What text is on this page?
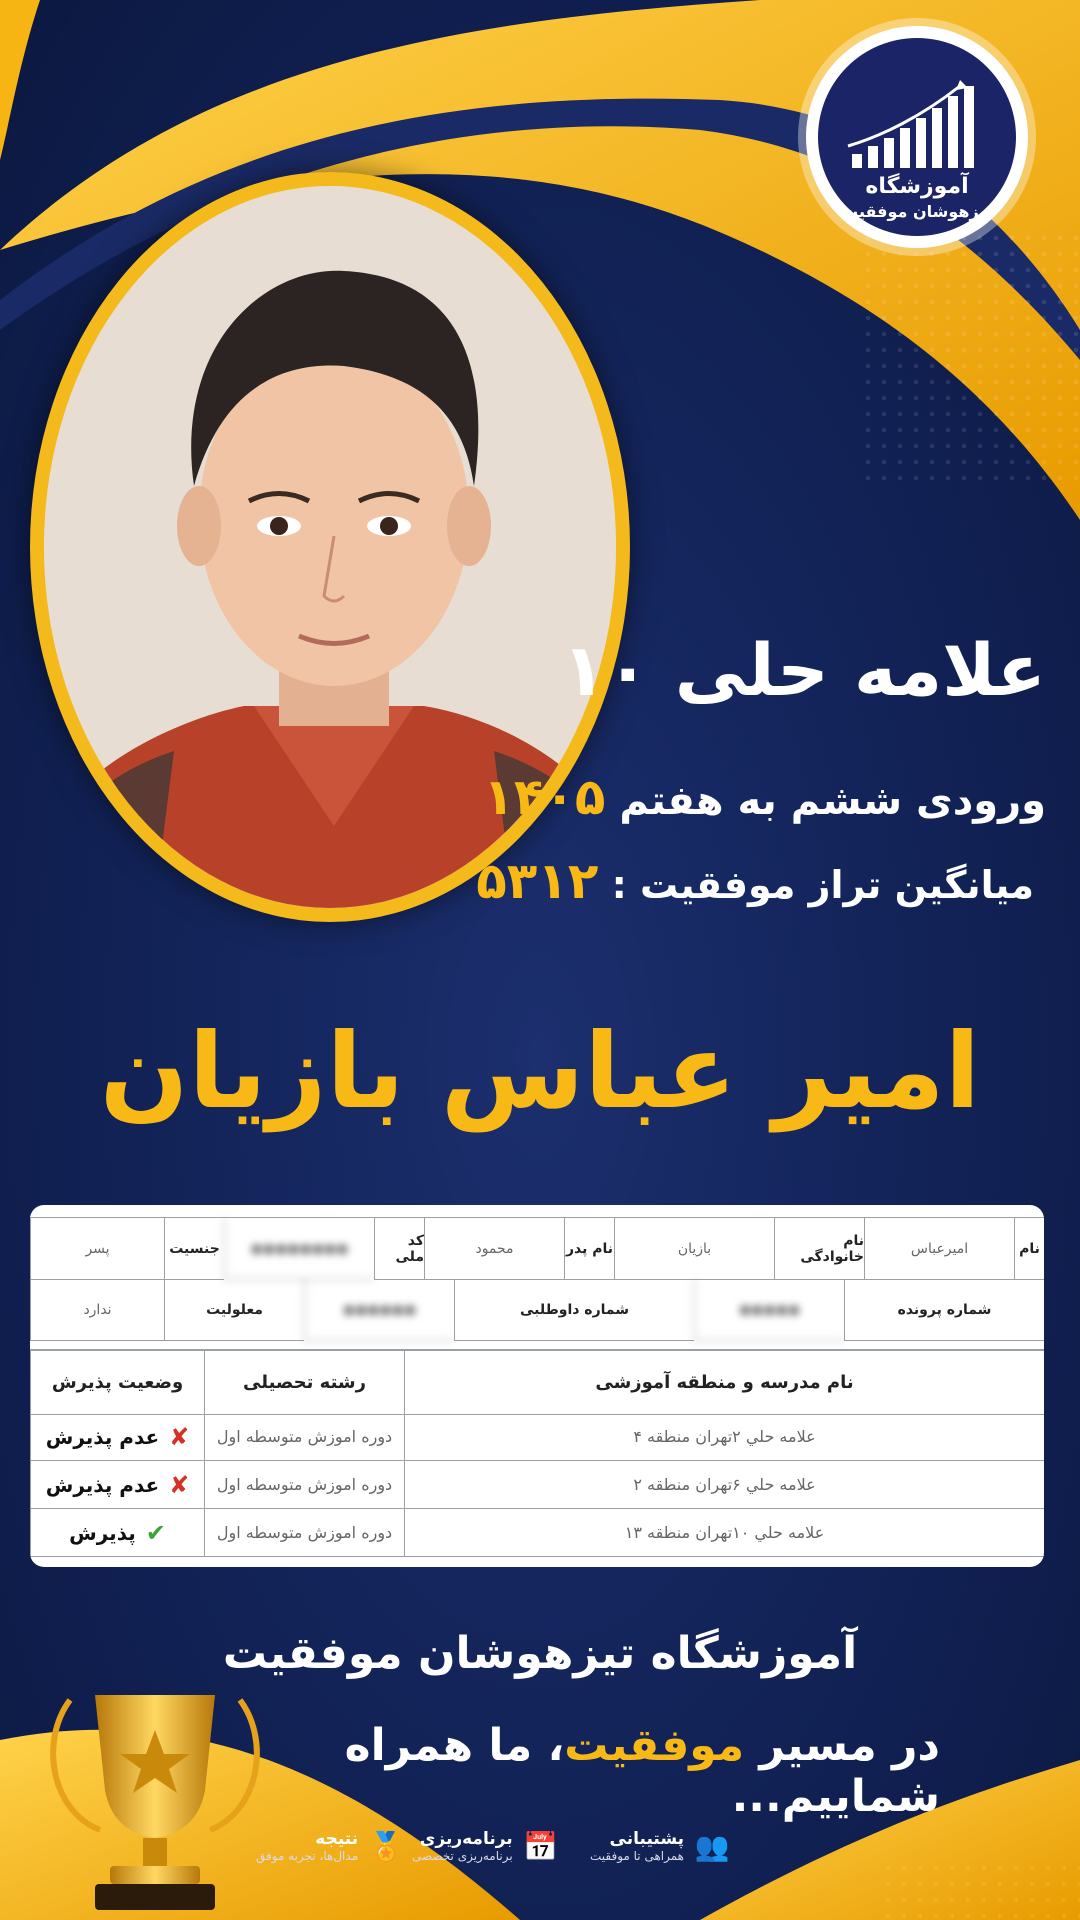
آموزشگاه
تیزهوشان موفقیت
علامه حلی ۱۰
ورودی ششم به هفتم ۱۴۰۵
میانگین تراز موفقیت : ۵۳۱۲
امیر عباس بازیان
نام
امیرعباس
نام خانوادگی
بازیان
نام پدر
محمود
کد ملی
●●●●●●●●
جنسیت
پسر
شماره پرونده
●●●●●
شماره داوطلبی
●●●●●●
معلولیت
ندارد
نام مدرسه و منطقه آموزشی
رشته تحصیلی
وضعیت پذیرش
علامه حلي ۲تهران منطقه ۴
دوره اموزش متوسطه اول
✘
عدم پذیرش
علامه حلي ۶تهران منطقه ۲
دوره اموزش متوسطه اول
✘
عدم پذیرش
علامه حلي ۱۰تهران منطقه ۱۳
دوره اموزش متوسطه اول
✔
پذیرش
آموزشگاه تیزهوشان موفقیت
در مسیر موفقیت، ما همراه شماییم...
👥
پشتیبانی
همراهی تا موفقیت
📅
برنامه‌ریزی
برنامه‌ریزی تخصصی
🏅
نتیجه
مدال‌ها، تجربه موفق
